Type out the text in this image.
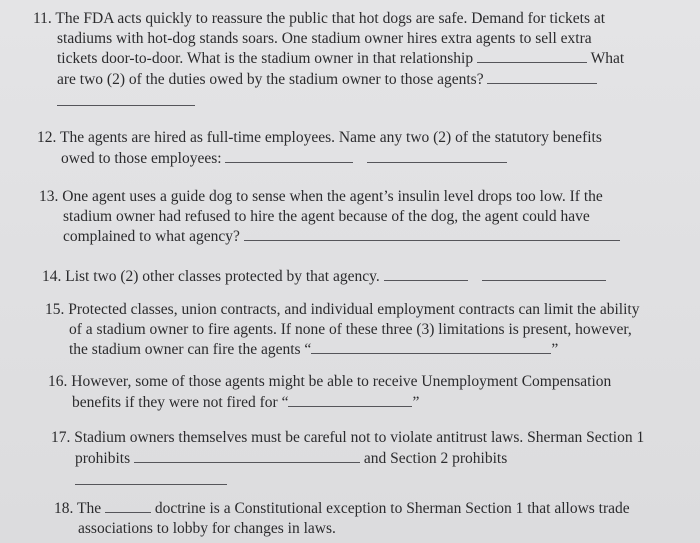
11. The FDA acts quickly to reassure the public that hot dogs are safe. Demand for tickets at
stadiums with hot-dog stands soars. One stadium owner hires extra agents to sell extra
tickets door-to-door. What is the stadium owner in that relationship	What
are two (2) of the duties owed by the stadium owner to those agents?
12. The agents are hired as full-time employees. Name any two (2) of the statutory benefits
owed to those employees:
13. One agent uses a guide dog to sense when the agent’s insulin level drops too low. If the
stadium owner had refused to hire the agent because of the dog, the agent could have
complained to what agency?
14. List two (2) other classes protected by that agency.
15. Protected classes, union contracts, and individual employment contracts can limit the ability
of a stadium owner to fire agents. If none of these three (3) limitations is present, however,
the stadium owner can fire the agents “	”
16. However, some of those agents might be able to receive Unemployment Compensation
benefits if they were not fired for “	”
17. Stadium owners themselves must be careful not to violate antitrust laws. Sherman Section 1
prohibits	and Section 2 prohibits
18. The	doctrine is a Constitutional exception to Sherman Section 1 that allows trade
associations to lobby for changes in laws.
